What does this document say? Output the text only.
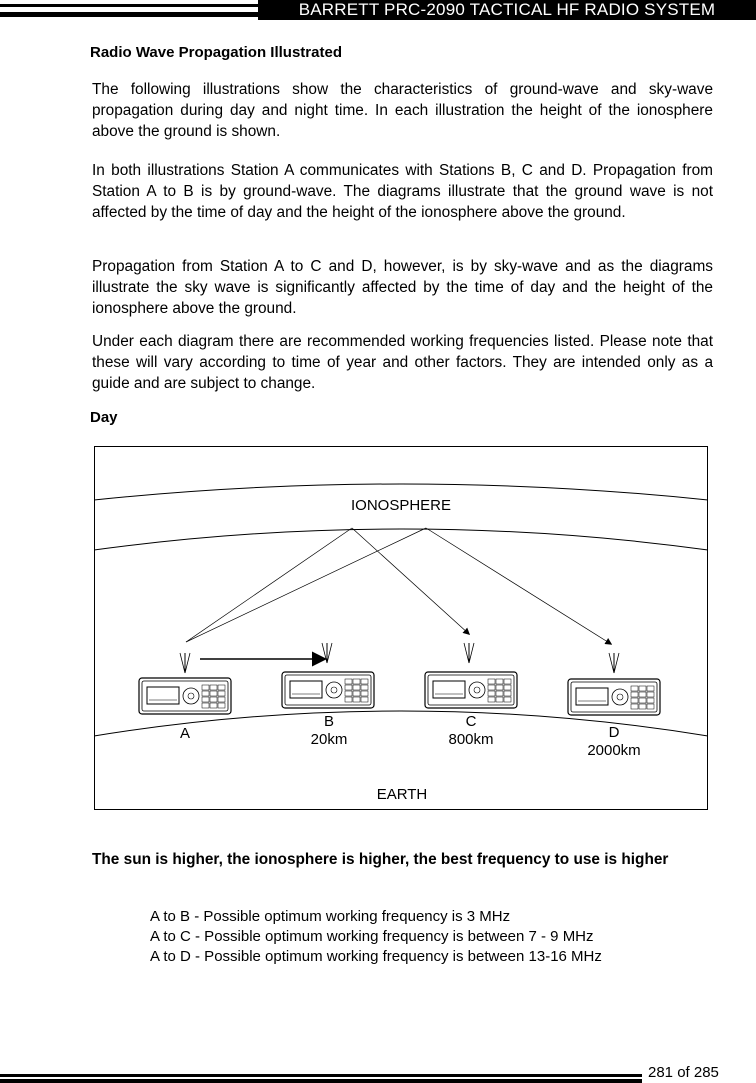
BARRETT PRC-2090 TACTICAL HF RADIO SYSTEM
Radio Wave Propagation Illustrated

The following illustrations show the characteristics of ground-wave and sky-wave propagation during day and night time. In each illustration the height of the ionosphere above the ground is shown.

In both illustrations Station A communicates with Stations B, C and D. Propagation from Station A to B is by ground-wave. The diagrams illustrate that the ground wave is not affected by the time of day and the height of the ionosphere above the ground.

Propagation from Station A to C and D, however, is by sky-wave and as the diagrams illustrate the sky wave is significantly affected by the time of day and the height of the ionosphere above the ground.

Under each diagram there are recommended working frequencies listed. Please note that these will vary according to time of year and other factors. They are intended only as a guide and are subject to change.

Day
IONOSPHERE
EARTH
A
B
20km
C
800km	D
2000km

The sun is higher, the ionosphere is higher, the best frequency to use is higher

A to B - Possible optimum working frequency is 3 MHz
A to C - Possible optimum working frequency is between 7 - 9 MHz
A to D - Possible optimum working frequency is between 13-16 MHz
281 of 285
